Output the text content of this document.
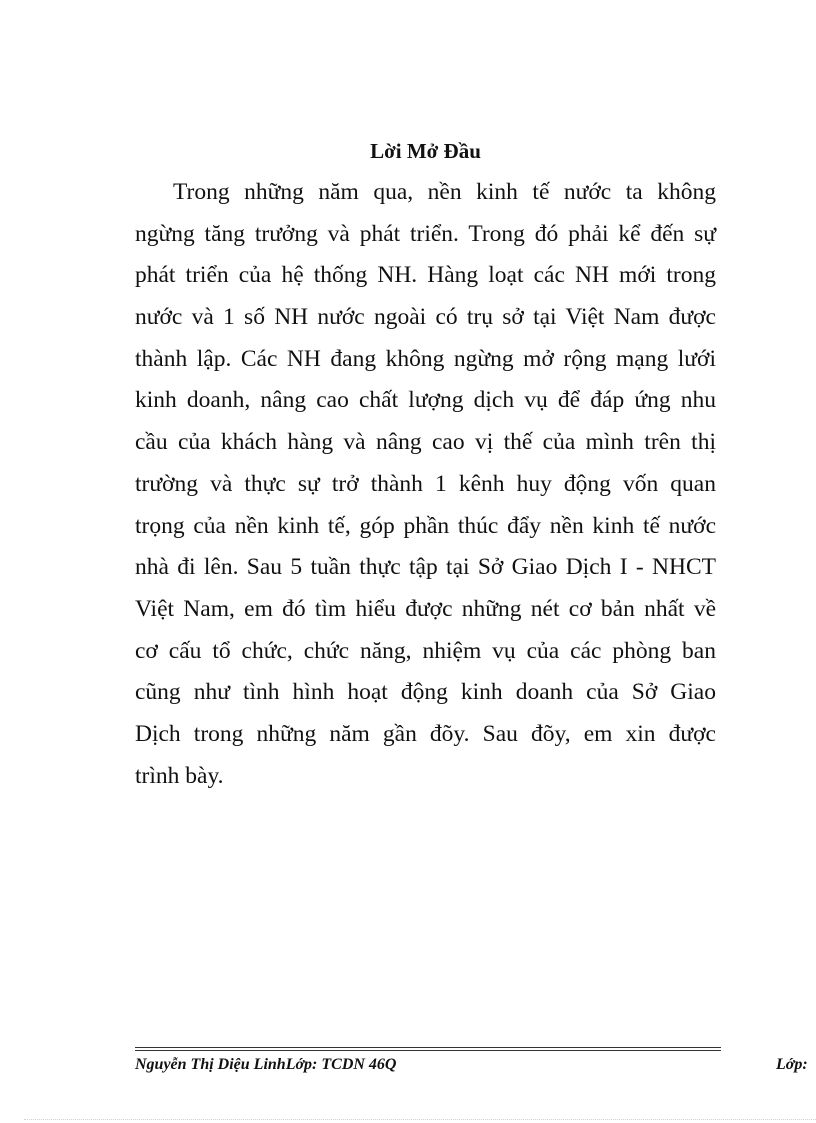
Lời Mở Đầu
Trong những năm qua, nền kinh tế nước ta không
ngừng tăng trưởng và phát triển. Trong đó phải kể đến sự
phát triển của hệ thống NH. Hàng loạt các NH mới trong
nước và 1 số NH nước ngoài có trụ sở tại Việt Nam được
thành lập. Các NH đang không ngừng mở rộng mạng lưới
kinh doanh, nâng cao chất lượng dịch vụ để đáp ứng nhu
cầu của khách hàng và nâng cao vị thế của mình trên thị
trường và thực sự trở thành 1 kênh huy động vốn quan
trọng của nền kinh tế, góp phần thúc đẩy nền kinh tế nước
nhà đi lên. Sau 5 tuần thực tập tại Sở Giao Dịch I - NHCT
Việt Nam, em đó tìm hiểu được những nét cơ bản nhất về
cơ cấu tổ chức, chức năng, nhiệm vụ của các phòng ban
cũng như tình hình hoạt động kinh doanh của Sở Giao
Dịch trong những năm gần đõy. Sau đõy, em xin được
trình bày.
Nguyễn Thị Diệu LinhLớp: TCDN 46Q	Lớp:
